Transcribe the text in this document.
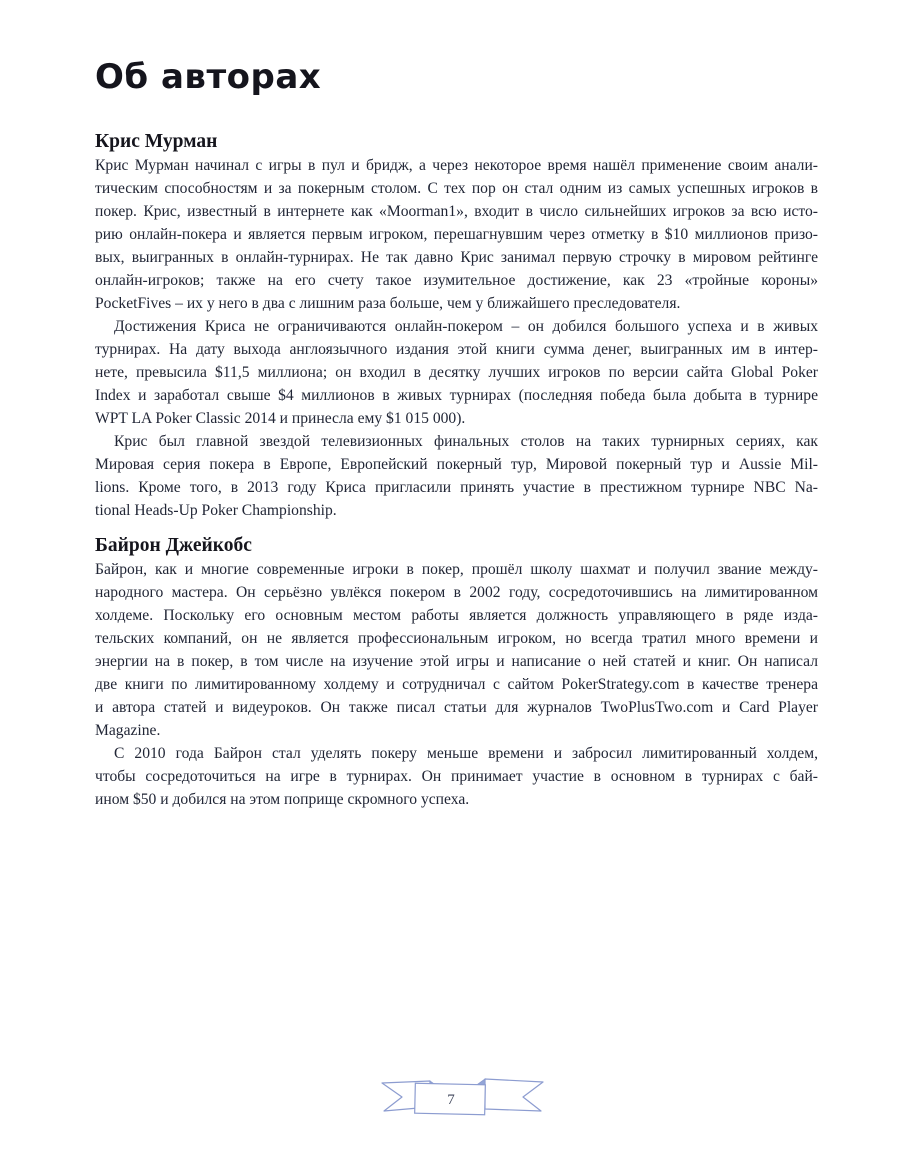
Об авторах
Крис Мурман
Крис Мурман начинал с игры в пул и бридж, а через некоторое время нашёл применение своим анали-
тическим способностям и за покерным столом. С тех пор он стал одним из самых успешных игроков в
покер. Крис, известный в интернете как «Moorman1», входит в число сильнейших игроков за всю исто-
рию онлайн-покера и является первым игроком, перешагнувшим через отметку в $10 миллионов призо-
вых, выигранных в онлайн-турнирах. Не так давно Крис занимал первую строчку в мировом рейтинге
онлайн-игроков; также на его счету такое изумительное достижение, как 23 «тройные короны»
PocketFives – их у него в два с лишним раза больше, чем у ближайшего преследователя.
Достижения Криса не ограничиваются онлайн-покером – он добился большого успеха и в живых
турнирах. На дату выхода англоязычного издания этой книги сумма денег, выигранных им в интер-
нете, превысила $11,5 миллиона; он входил в десятку лучших игроков по версии сайта Global Poker
Index и заработал свыше $4 миллионов в живых турнирах (последняя победа была добыта в турнире
WPT LA Poker Classic 2014 и принесла ему $1 015 000).
Крис был главной звездой телевизионных финальных столов на таких турнирных сериях, как
Мировая серия покера в Европе, Европейский покерный тур, Мировой покерный тур и Aussie Mil-
lions. Кроме того, в 2013 году Криса пригласили принять участие в престижном турнире NBC Na-
tional Heads-Up Poker Championship.
Байрон Джейкобс
Байрон, как и многие современные игроки в покер, прошёл школу шахмат и получил звание между-
народного мастера. Он серьёзно увлёкся покером в 2002 году, сосредоточившись на лимитированном
холдеме. Поскольку его основным местом работы является должность управляющего в ряде изда-
тельских компаний, он не является профессиональным игроком, но всегда тратил много времени и
энергии на в покер, в том числе на изучение этой игры и написание о ней статей и книг. Он написал
две книги по лимитированному холдему и сотрудничал с сайтом PokerStrategy.com в качестве тренера
и автора статей и видеуроков. Он также писал статьи для журналов TwoPlusTwo.com и Card Player
Magazine.
С 2010 года Байрон стал уделять покеру меньше времени и забросил лимитированный холдем,
чтобы сосредоточиться на игре в турнирах. Он принимает участие в основном в турнирах с бай-
ином $50 и добился на этом поприще скромного успеха.
7
